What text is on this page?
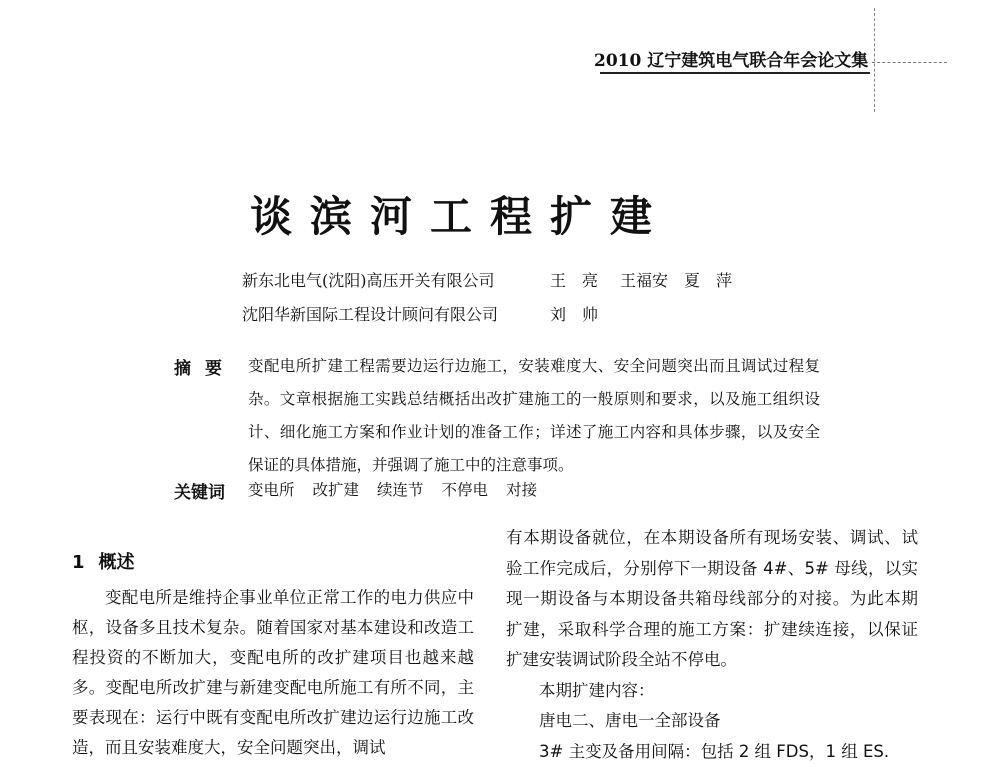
2010 辽宁建筑电气联合年会论文集
谈滨河工程扩建
新东北电气(沈阳)高压开关有限公司	王　亮 王福安 夏　萍
沈阳华新国际工程设计顾问有限公司	刘　帅
摘要 变配电所扩建工程需要边运行边施工，安装难度大、安全问题突出而且调试过程复杂。文章根据施工实践总结概括出改扩建施工的一般原则和要求，以及施工组织设计、细化施工方案和作业计划的准备工作；详述了施工内容和具体步骤，以及安全保证的具体措施，并强调了施工中的注意事项。
关键词 变电所 改扩建 续连节 不停电 对接
1 概述

变配电所是维持企事业单位正常工作的电力供应中枢，设备多且技术复杂。随着国家对基本建设和改造工程投资的不断加大，变配电所的改扩建项目也越来越多。变配电所改扩建与新建变配电所施工有所不同，主要表现在：运行中既有变配电所改扩建边运行边施工改造，而且安装难度大，安全问题突出，调试

有本期设备就位，在本期设备所有现场安装、调试、试验工作完成后，分别停下一期设备 4#、5# 母线，以实现一期设备与本期设备共箱母线部分的对接。为此本期扩建，采取科学合理的施工方案：扩建续连接，以保证扩建安装调试阶段全站不停电。

本期扩建内容：

唐电二、唐电一全部设备

3# 主变及备用间隔：包括 2 组 FDS，1 组 ES.
